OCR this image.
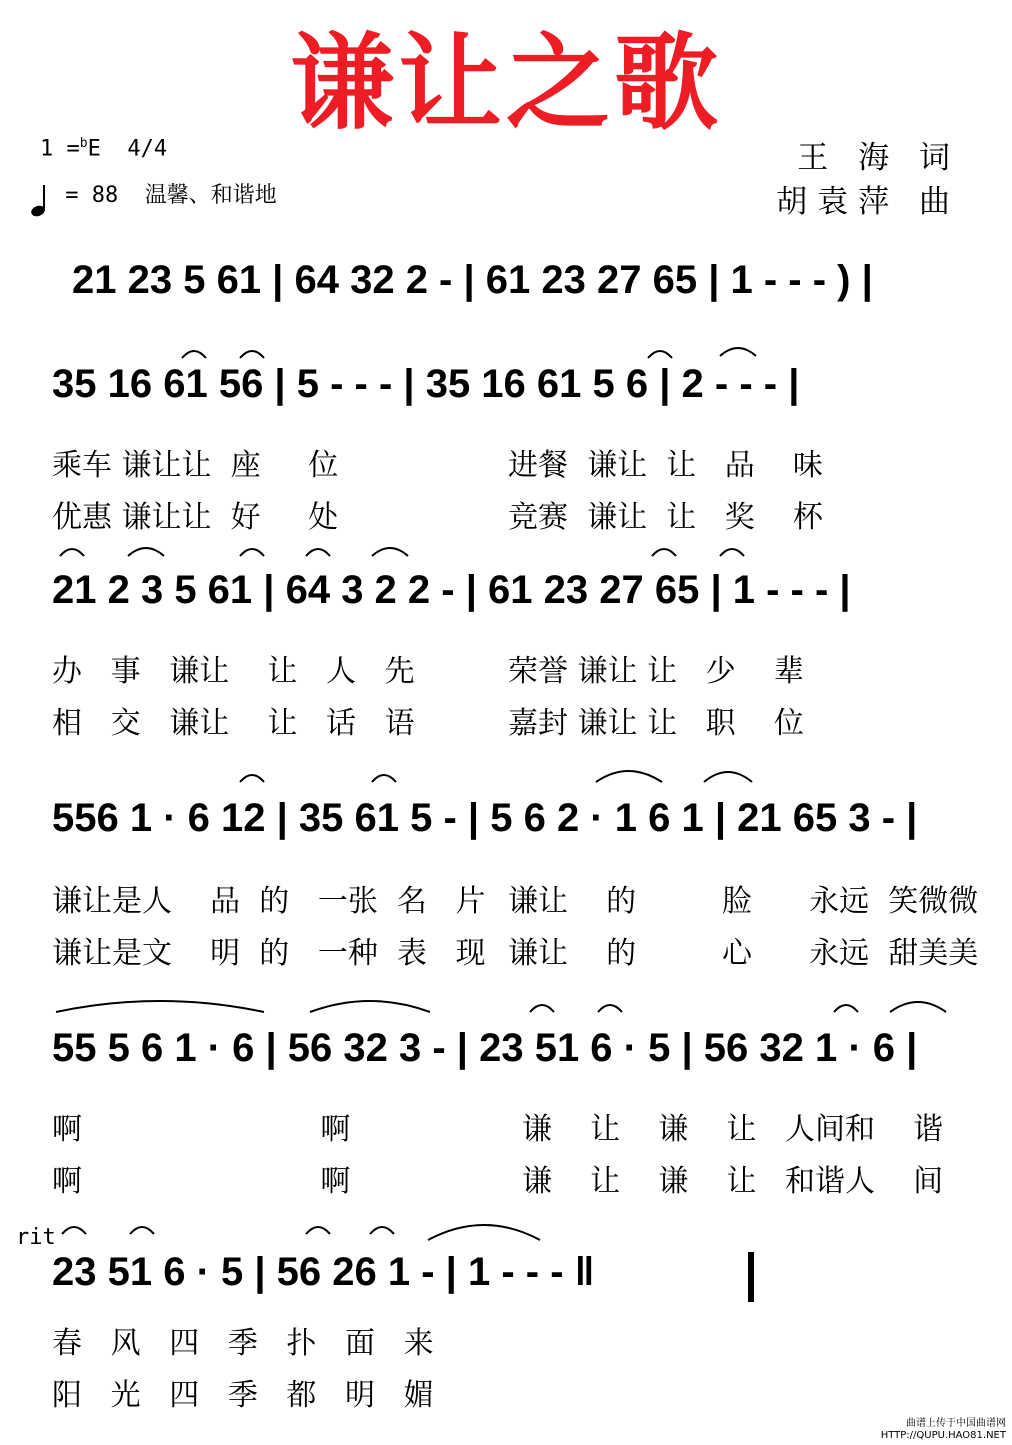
谦让之歌
1 =$^b$E 4/4
= 88 温馨、和谐地
王 海 词
胡袁萍 曲
21 23 5 61 | 64 32 2 - | 61 23 27 65 | 1 - - - ) |
35 16 61 56 | 5 - - - | 35 16 61 5 6 | 2 - - - |
乘车 谦让让  座     位
优惠 谦让让  好     处
进餐  谦让  让   品    味
竞赛  谦让  让   奖    杯
21 2 3 5 61 | 64 3 2 2 - | 61 23 27 65 | 1 - - - |
办   事   谦让    让   人   先
相   交   谦让    让   话   语
荣誉 谦让 让   少    辈
嘉封 谦让 让   职    位
556 1 · 6 12 | 35 61 5 - | 5 6 2 · 1 6 1 | 21 65 3 - |
谦让是人    品  的   一张  名   片
谦让是文    明  的   一种  表   现
谦让    的         脸      永远  笑微微
谦让    的         心      永远  甜美美
55 5 6 1 · 6 | 56 32 3 - | 23 51 6 · 5 | 56 32 1 · 6 |
啊                         啊
啊                         啊
谦    让    谦    让   人间和    谐
谦    让    谦    让   和谐人    间
rit
23 51 6 · 5 | 56 26 1 - | 1 - - - ‖
春   风   四   季   扑   面   来
阳   光   四   季   都   明   媚
曲谱上传于中国曲谱网
HTTP://QUPU.HAO81.NET
